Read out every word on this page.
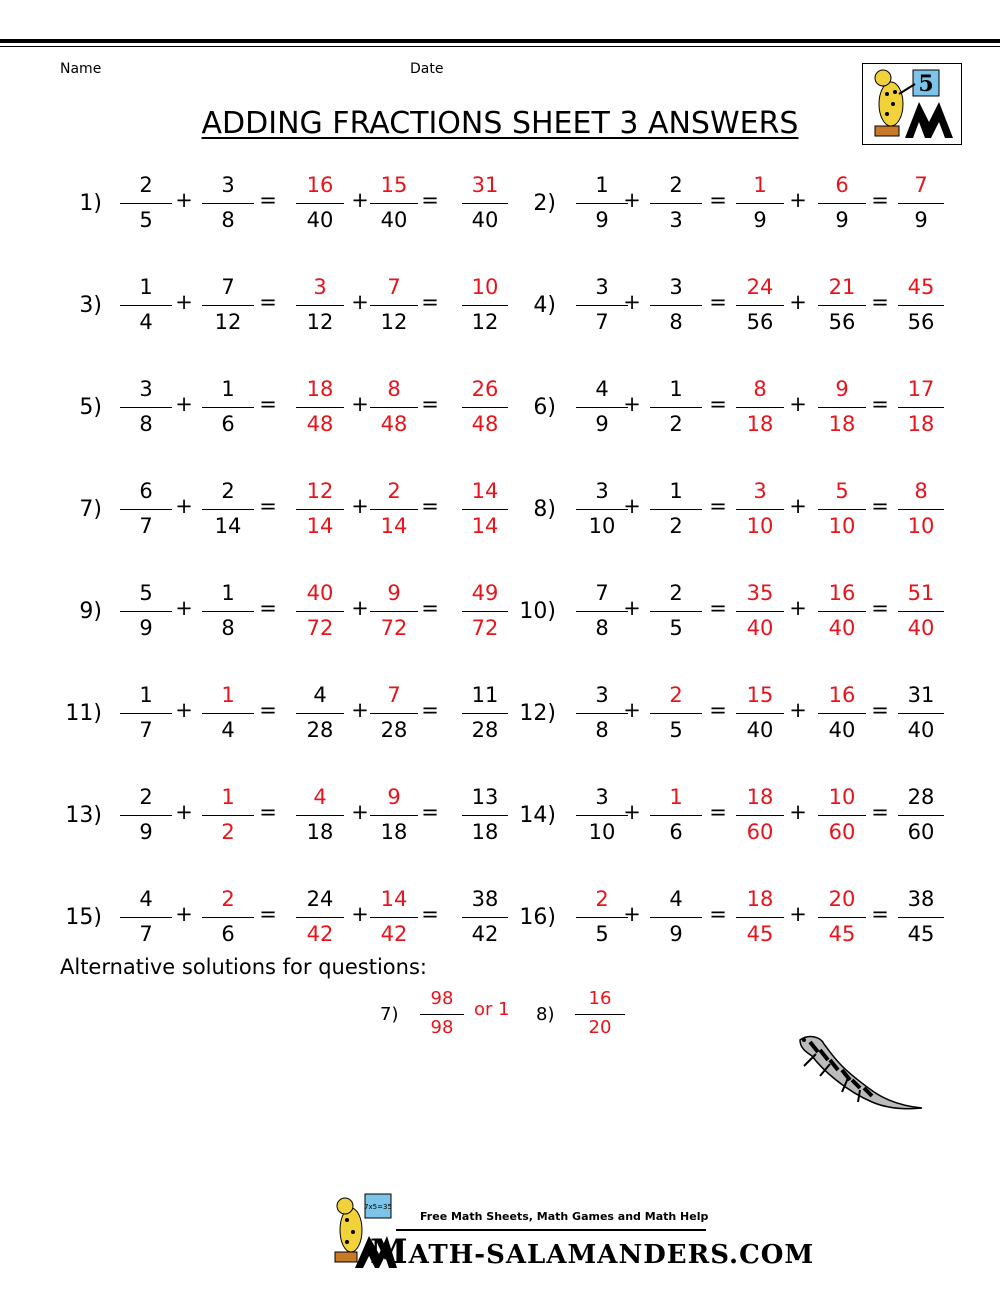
Name	Date
ADDING FRACTIONS SHEET 3 ANSWERS
5
1)
2
5
+
3
8
=
16
40
+
15
40
=
31
40
2)
1
9
+
2
3
=
1
9
+
6
9
=
7
9
3)
1
4
+
7
12
=
3
12
+
7
12
=
10
12
4)
3
7
+
3
8
=
24
56
+
21
56
=
45
56
5)
3
8
+
1
6
=
18
48
+
8
48
=
26
48
6)
4
9
+
1
2
=
8
18
+
9
18
=
17
18
7)
6
7
+
2
14
=
12
14
+
2
14
=
14
14
8)
3
10
+
1
2
=
3
10
+
5
10
=
8
10
9)
5
9
+
1
8
=
40
72
+
9
72
=
49
72
10)
7
8
+
2
5
=
35
40
+
16
40
=
51
40
11)
1
7
+
1
4
=
4
28
+
7
28
=
11
28
12)
3
8
+
2
5
=
15
40
+
16
40
=
31
40
13)
2
9
+
1
2
=
4
18
+
9
18
=
13
18
14)
3
10
+
1
6
=
18
60
+
10
60
=
28
60
15)
4
7
+
2
6
=
24
42
+
14
42
=
38
42
16)
2
5
+
4
9
=
18
45
+
20
45
=
38
45
Alternative solutions for questions:
7)
98
98
or 1 8)
16
20
7x5=35
Free Math Sheets, Math Games and Math Help
MATH-SALAMANDERS.COM
